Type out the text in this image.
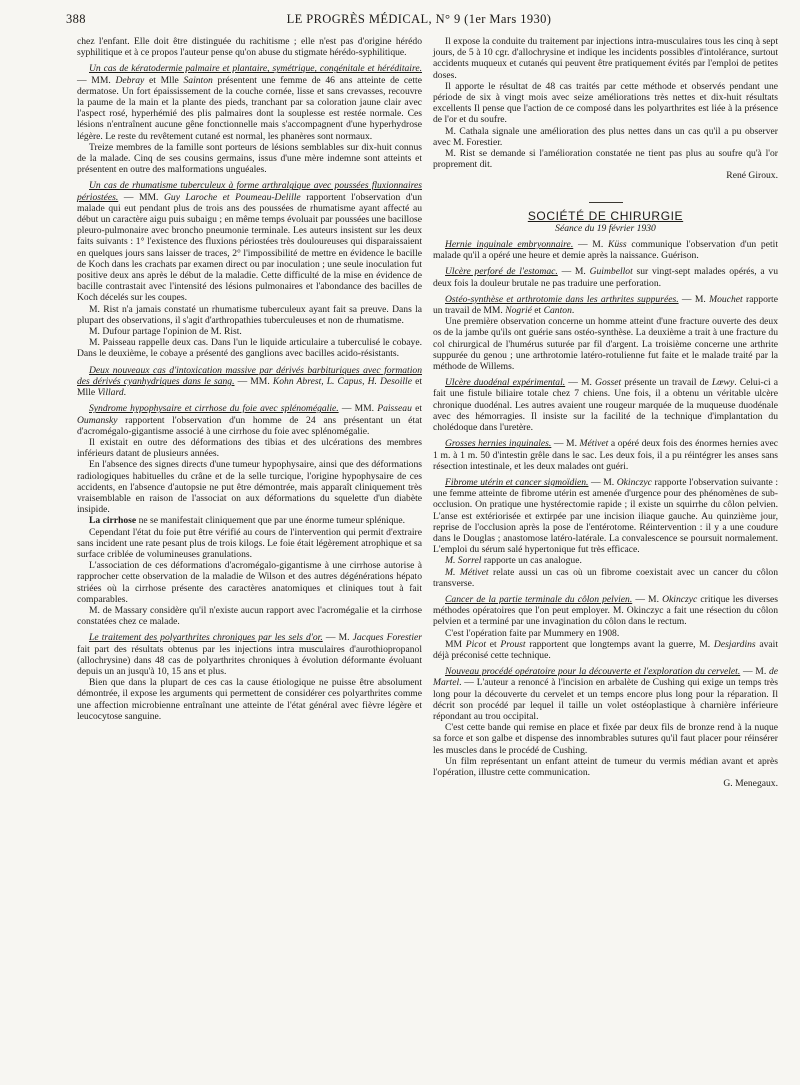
388	LE PROGRÈS MÉDICAL, N° 9 (1er Mars 1930)

chez l'enfant. Elle doit être distinguée du rachitisme ; elle n'est pas d'origine hérédo syphilitique et à ce propos l'auteur pense qu'on abuse du stigmate hérédo-syphilitique.

Un cas de kératodermie palmaire et plantaire, symétrique, congénitale et héréditaire.— MM. Debray et Mlle Sainton présentent une femme de 46 ans atteinte de cette dermatose. Un fort épaississement de la couche cornée, lisse et sans crevasses, recouvre la paume de la main et la plante des pieds, tranchant par sa coloration jaune clair avec l'aspect rosé, hyperhémié des plis palmaires dont la souplesse est restée normale. Ces lésions n'entraînent aucune gêne fonctionnelle mais s'accompagnent d'une hyperhydrose légère. Le reste du revêtement cutané est normal, les phanères sont normaux.

Treize membres de la famille sont porteurs de lésions semblables sur dix-huit connus de la malade. Cinq de ses cousins germains, issus d'une mère indemne sont atteints et présentent en outre des malformations unguéales.

Un cas de rhumatisme tuberculeux à forme arthralgique avec poussées fluxionnaires périostées. — MM. Guy Laroche et Poumeau-Delille rapportent l'observation d'un malade qui eut pendant plus de trois ans des poussées de rhumatisme ayant affecté au début un caractère aigu puis subaigu ; en même temps évoluait par poussées une bacillose pleuro-pulmonaire avec broncho pneumonie terminale. Les auteurs insistent sur les deux faits suivants : 1° l'existence des fluxions périostées très douloureuses qui disparaissaient en quelques jours sans laisser de traces, 2° l'impossibilité de mettre en évidence le bacille de Koch dans les crachats par examen direct ou par inoculation ; une seule inoculation fut positive deux ans après le début de la maladie. Cette difficulté de la mise en évidence de bacille contrastait avec l'intensité des lésions pulmonaires et l'abondance des bacilles de Koch décelés sur les coupes.

M. Rist n'a jamais constaté un rhumatisme tuberculeux ayant fait sa preuve. Dans la plupart des observations, il s'agit d'arthropathies tuberculeuses et non de rhumatisme.

M. Dufour partage l'opinion de M. Rist.

M. Paisseau rappelle deux cas. Dans l'un le liquide articulaire a tuberculisé le cobaye. Dans le deuxième, le cobaye a présenté des ganglions avec bacilles acido-résistants.

Deux nouveaux cas d'intoxication massive par dérivés barbituriques avec formation des dérivés cyanhydriques dans le sang. — MM. Kohn Abrest, L. Capus, H. Desoille et Mlle Villard.

Syndrome hypophysaire et cirrhose du foie avec splénomégalie. — MM. Paisseau et Oumansky rapportent l'observation d'un homme de 24 ans présentant un état d'acromégalo-gigantisme associé à une cirrhose du foie avec splénomégalie.

Il existait en outre des déformations des tibias et des ulcérations des membres inférieurs datant de plusieurs années.

En l'absence des signes directs d'une tumeur hypophysaire, ainsi que des déformations radiologiques habituelles du crâne et de la selle turcique, l'origine hypophysaire de ces accidents, en l'absence d'autopsie ne put être démontrée, mais apparaît cliniquement très vraisemblable en raison de l'associat on aux déformations du squelette d'un diabète insipide.

La cirrhose ne se manifestait cliniquement que par une énorme tumeur splénique.

Cependant l'état du foie put être vérifié au cours de l'intervention qui permit d'extraire sans incident une rate pesant plus de trois kilogs. Le foie était légèrement atrophique et sa surface criblée de volumineuses granulations.

L'association de ces déformations d'acromégalo-gigantisme à une cirrhose autorise à rapprocher cette observation de la maladie de Wilson et des autres dégénérations hépato striées où la cirrhose présente des caractères anatomiques et cliniques tout à fait comparables.

M. de Massary considère qu'il n'existe aucun rapport avec l'acromégalie et la cirrhose constatées chez ce malade.

Le traitement des polyarthrites chroniques par les sels d'or. — M. Jacques Forestier fait part des résultats obtenus par les injections intra musculaires d'aurothiopropanol (allochrysine) dans 48 cas de polyarthrites chroniques à évolution déformante évoluant depuis un an jusqu'à 10, 15 ans et plus.

Bien que dans la plupart de ces cas la cause étiologique ne puisse être absolument démontrée, il expose les arguments qui permettent de considérer ces polyarthrites comme une affection microbienne entraînant une atteinte de l'état général avec fièvre légère et leucocytose sanguine.

Il expose la conduite du traitement par injections intra-musculaires tous les cinq à sept jours, de 5 à 10 cgr. d'allochrysine et indique les incidents possibles d'intolérance, surtout accidents muqueux et cutanés qui peuvent être pratiquement évités par l'emploi de petites doses.

Il apporte le résultat de 48 cas traités par cette méthode et observés pendant une période de six à vingt mois avec seize améliorations très nettes et dix-huit résultats excellents Il pense que l'action de ce composé dans les polyarthrites est liée à la présence de l'or et du soufre.

M. Cathala signale une amélioration des plus nettes dans un cas qu'il a pu observer avec M. Forestier.

M. Rist se demande si l'amélioration constatée ne tient pas plus au soufre qu'à l'or proprement dit.

René Giroux.
SOCIÉTÉ DE CHIRURGIE
Séance du 19 février 1930

Hernie inguinale embryonnaire. — M. Küss communique l'observation d'un petit malade qu'il a opéré une heure et demie après la naissance. Guérison.

Ulcère perforé de l'estomac. — M. Guimbellot sur vingt-sept malades opérés, a vu deux fois la douleur brutale ne pas traduire une perforation.

Ostéo-synthèse et arthrotomie dans les arthrites suppurées. — M. Mouchet rapporte un travail de MM. Nogrié et Canton.

Une première observation concerne un homme atteint d'une fracture ouverte des deux os de la jambe qu'ils ont guérie sans ostéo-synthèse. La deuxième a trait à une fracture du col chirurgical de l'humérus suturée par fil d'argent. La troisième concerne une arthrite suppurée du genou ; une arthrotomie latéro-rotulienne fut faite et le malade traité par la méthode de Willems.

Ulcère duodénal expérimental. — M. Gosset présente un travail de Lœwy. Celui-ci a fait une fistule biliaire totale chez 7 chiens. Une fois, il a obtenu un véritable ulcère chronique duodénal. Les autres avaient une rougeur marquée de la muqueuse duodénale avec des hémorragies. Il insiste sur la facilité de la technique d'implantation du cholédoque dans l'uretère.

Grosses hernies inguinales. — M. Métivet a opéré deux fois des énormes hernies avec 1 m. à 1 m. 50 d'intestin grêle dans le sac. Les deux fois, il a pu réintégrer les anses sans résection intestinale, et les deux malades ont guéri.

Fibrome utérin et cancer sigmoïdien. — M. Okinczyc rapporte l'observation suivante : une femme atteinte de fibrome utérin est amenée d'urgence pour des phénomènes de sub-occlusion. On pratique une hystérectomie rapide ; il existe un squirrhe du côlon pelvien. L'anse est extériorisée et extirpée par une incision iliaque gauche. Au quinzième jour, reprise de l'occlusion après la pose de l'entérotome. Réintervention : il y a une coudure dans le Douglas ; anastomose latéro-latérale. La convalescence se poursuit normalement. L'emploi du sérum salé hypertonique fut très efficace.

M. Sorrel rapporte un cas analogue.

M. Métivet relate aussi un cas où un fibrome coexistait avec un cancer du côlon transverse.

Cancer de la partie terminale du côlon pelvien. — M. Okinczyc critique les diverses méthodes opératoires que l'on peut employer. M. Okinczyc a fait une résection du côlon pelvien et a terminé par une invagination du côlon dans le rectum.

C'est l'opération faite par Mummery en 1908.

MM Picot et Proust rapportent que longtemps avant la guerre, M. Desjardins avait déjà préconisé cette technique.

Nouveau procédé opératoire pour la découverte et l'exploration du cervelet. — M. de Martel. — L'auteur a renoncé à l'incision en arbalète de Cushing qui exige un temps très long pour la découverte du cervelet et un temps encore plus long pour la réparation. Il décrit son procédé par lequel il taille un volet ostéoplastique à charnière inférieure répondant au trou occipital.

C'est cette bande qui remise en place et fixée par deux fils de bronze rend à la nuque sa force et son galbe et dispense des innombrables sutures qu'il faut placer pour réinsérer les muscles dans le procédé de Cushing.

Un film représentant un enfant atteint de tumeur du vermis médian avant et après l'opération, illustre cette communication.

G. Menegaux.
